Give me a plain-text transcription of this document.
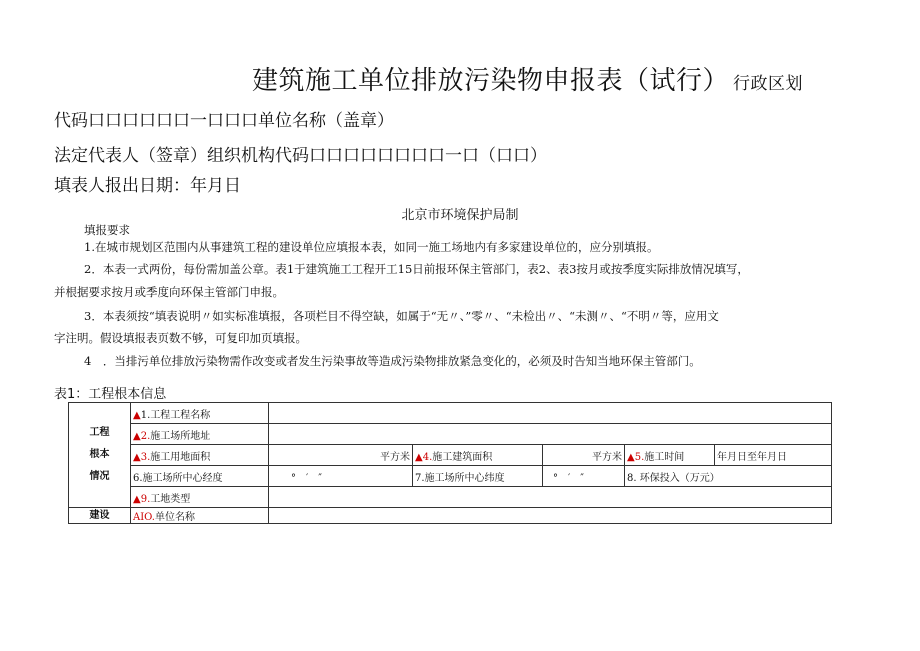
建筑施工单位排放污染物申报表（试行） 行政区划
代码口口口口口口一口口口单位名称（盖章）
法定代表人（签章）组织机构代码口口口口口口口口一口（口口）
填表人报出日期：年月日
北京市环境保护局制
填报要求
1.在城市规划区范围内从事建筑工程的建设单位应填报本表，如同一施工场地内有多家建设单位的，应分别填报。
2．本表一式两份，每份需加盖公章。表1于建筑施工工程开工15日前报环保主管部门，表2、表3按月或按季度实际排放情况填写，
并根据要求按月或季度向环保主管部门申报。
3．本表须按“填表说明〃如实标准填报，各项栏目不得空缺，如属于“无〃、”零〃、“未检出〃、“未测〃、“不明〃等，应用文
字注明。假设填报表页数不够，可复印加页填报。
4　．当排污单位排放污染物需作改变或者发生污染事故等造成污染物排放紧急变化的，必须及时告知当地环保主管部门。
表1：工程根本信息
工程
根本
情况	▲1.工程工程名称					
	▲2.施工场所地址					
	▲3.施工用地面积	平方米	▲4.施工建筑面积	平方米	▲5.施工时间	年月日至年月日
	6.施工场所中心经度	°　′　″	7.施工场所中心纬度	°　′　″	8. 环保投入（万元）	
	▲9.工地类型					
建设	AIO.单位名称					
